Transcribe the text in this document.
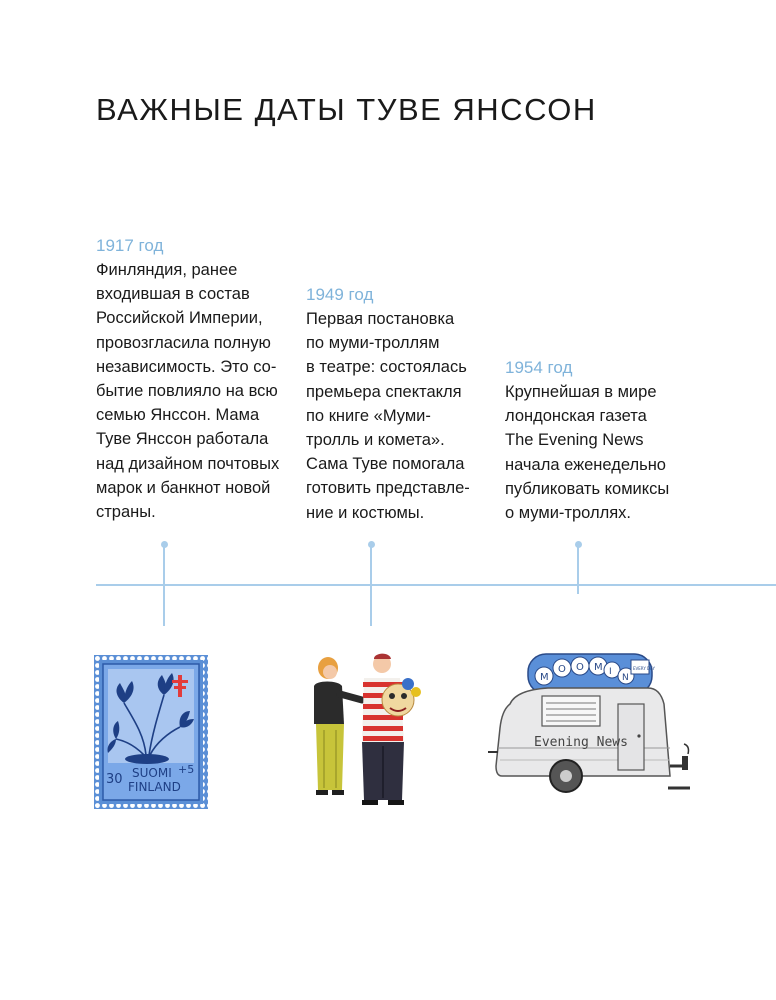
ВАЖНЫЕ ДАТЫ ТУВЕ ЯНССОН
1917 год
Финляндия, ранее
входившая в состав
Российской Империи,
провозгласила полную
независимость. Это со-
бытие повлияло на всю
семью Янссон. Мама
Туве Янссон работала
над дизайном почтовых
марок и банкнот новой
страны.
1949 год
Первая постановка
по муми-троллям
в театре: состоялась
премьера спектакля
по книге «Муми-
тролль и комета».
Сама Туве помогала
готовить представле-
ние и костюмы.
1954 год
Крупнейшая в мире
лондонская газета
The Evening News
начала еженедельно
публиковать комиксы
о муми-троллях.
SUOMI
FINLAND
30
+5
M
O O M I
N
EVERY DAY
Evening News
